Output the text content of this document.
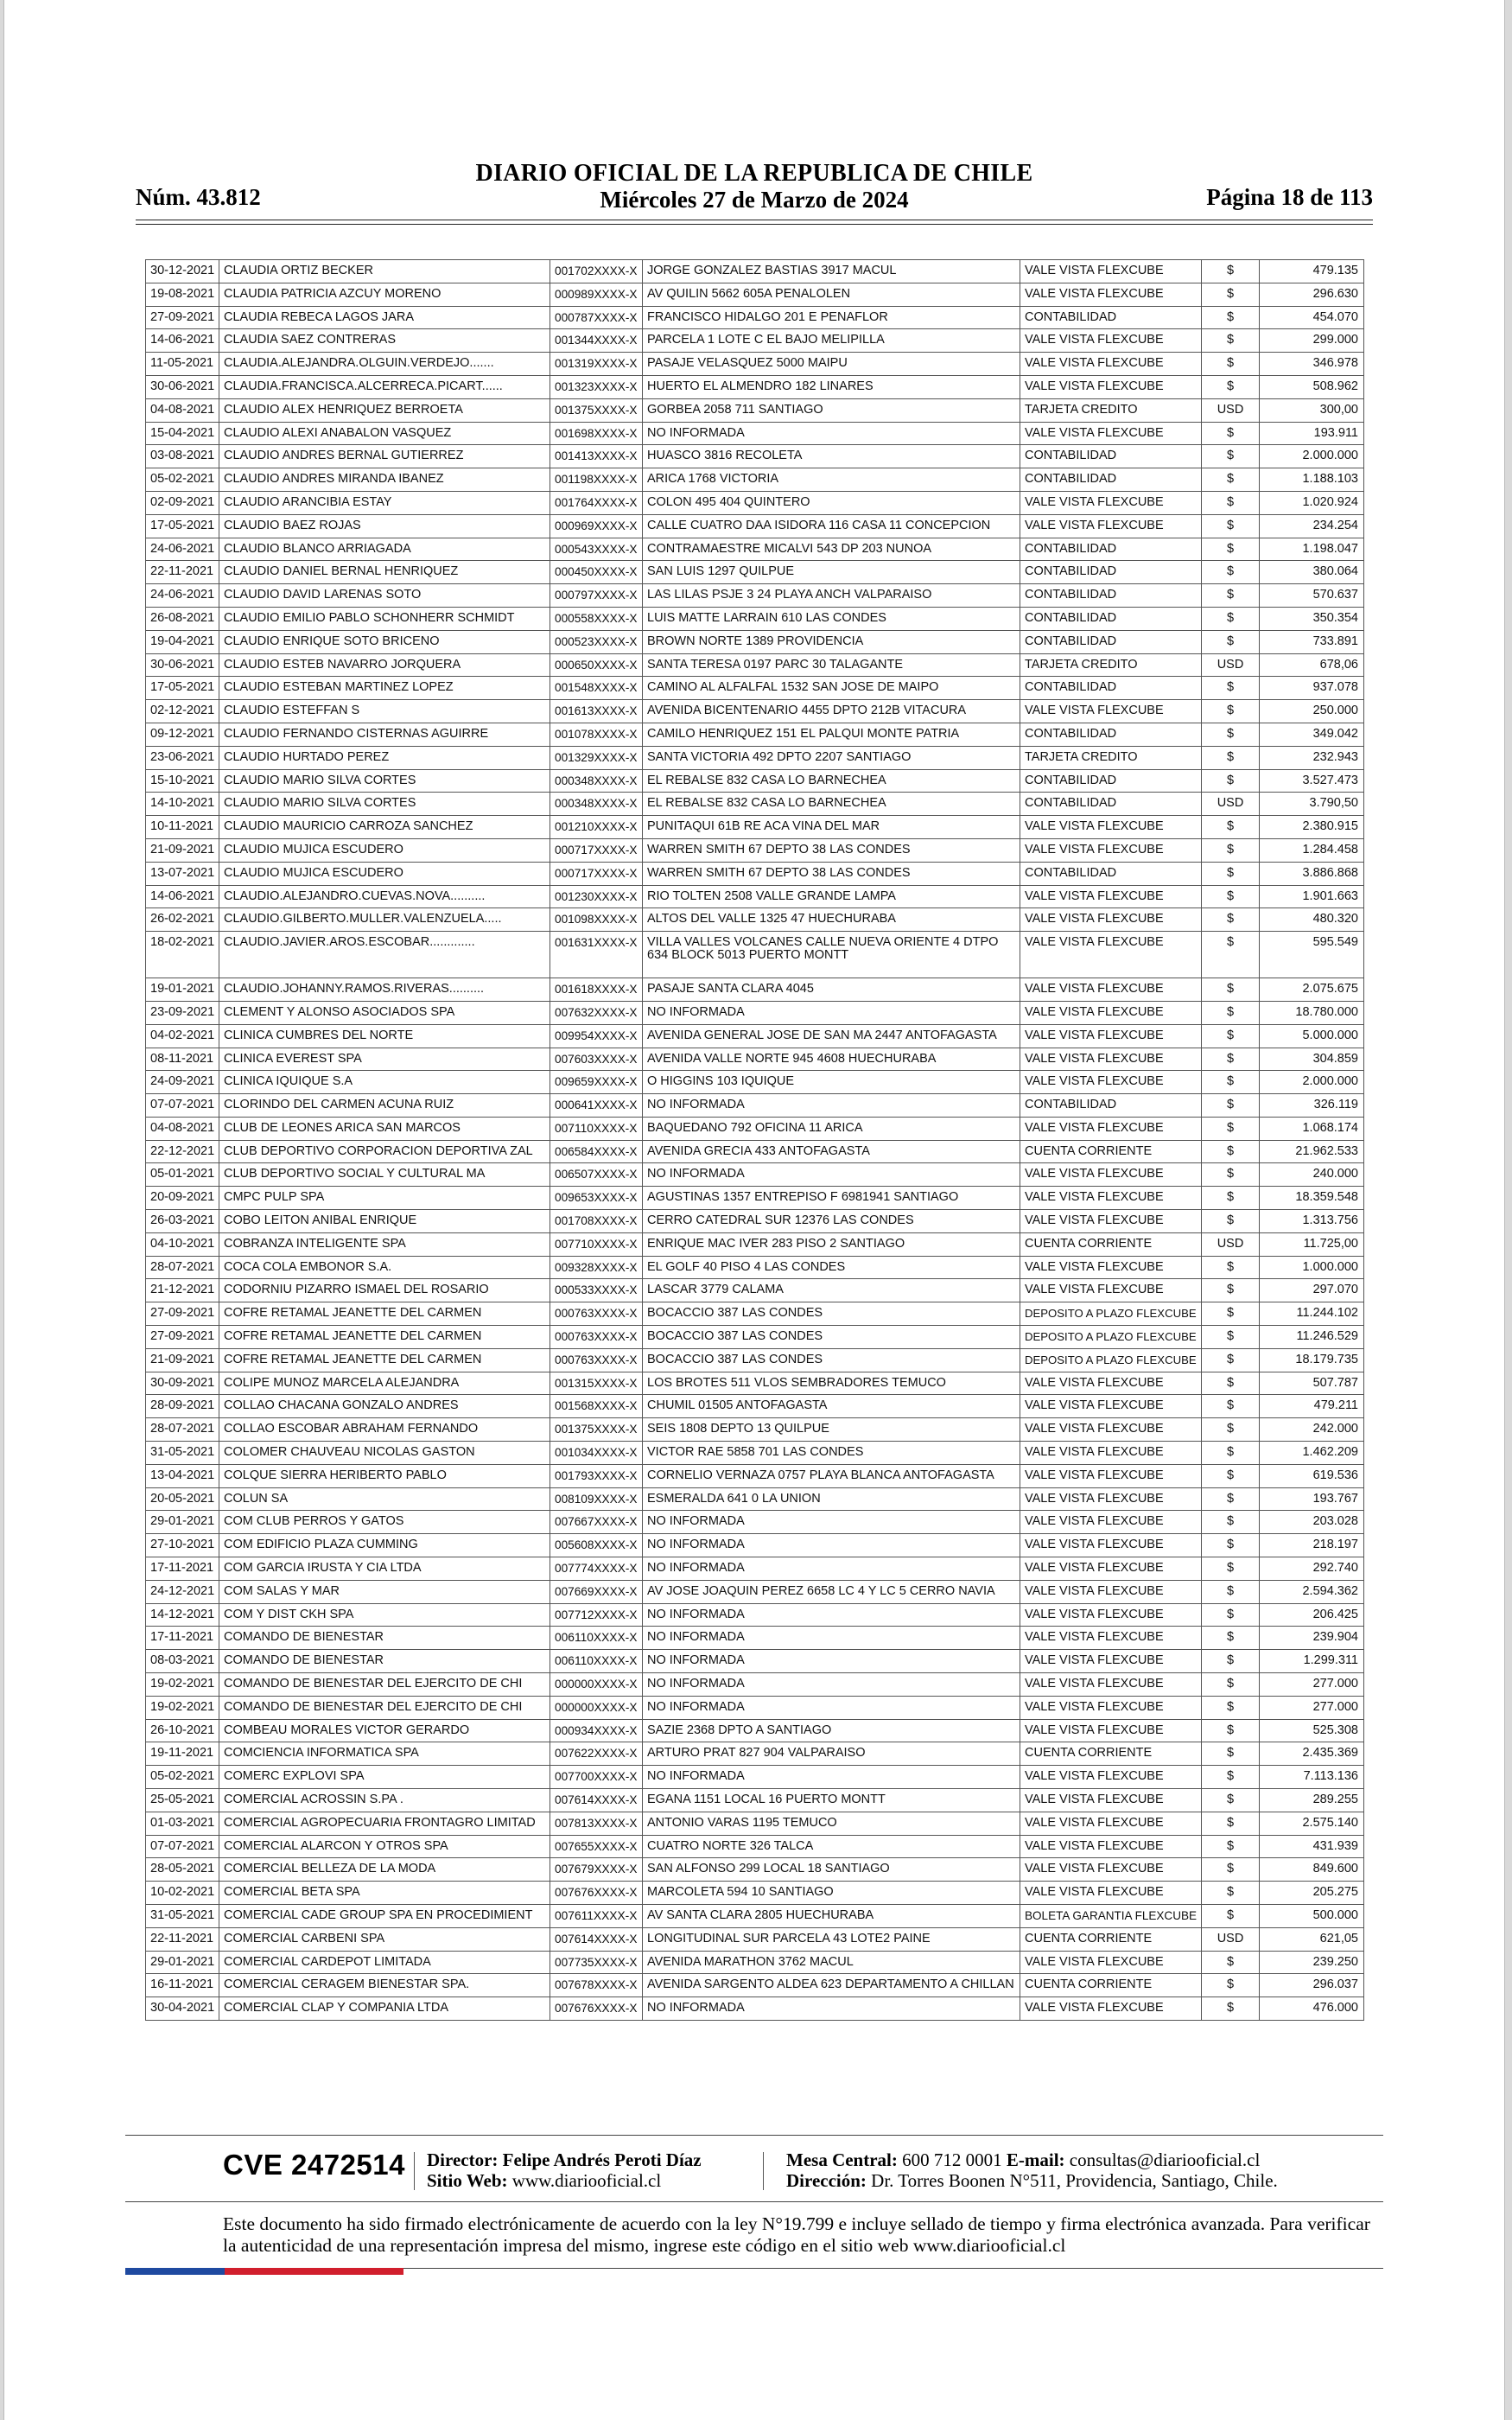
Núm. 43.812
DIARIO OFICIAL DE LA REPUBLICA DE CHILE
Miércoles 27 de Marzo de 2024	Página 18 de 113
30-12-2021	CLAUDIA ORTIZ BECKER	001702XXXX-X	JORGE GONZALEZ BASTIAS 3917 MACUL	VALE VISTA FLEXCUBE	$	479.135
19-08-2021	CLAUDIA PATRICIA AZCUY MORENO	000989XXXX-X	AV QUILIN 5662 605A PENALOLEN	VALE VISTA FLEXCUBE	$	296.630
27-09-2021	CLAUDIA REBECA LAGOS JARA	000787XXXX-X	FRANCISCO HIDALGO 201 E PENAFLOR	CONTABILIDAD	$	454.070
14-06-2021	CLAUDIA SAEZ CONTRERAS	001344XXXX-X	PARCELA 1 LOTE C EL BAJO MELIPILLA	VALE VISTA FLEXCUBE	$	299.000
11-05-2021	CLAUDIA.ALEJANDRA.OLGUIN.VERDEJO.......	001319XXXX-X	PASAJE VELASQUEZ 5000 MAIPU	VALE VISTA FLEXCUBE	$	346.978
30-06-2021	CLAUDIA.FRANCISCA.ALCERRECA.PICART......	001323XXXX-X	HUERTO EL ALMENDRO 182 LINARES	VALE VISTA FLEXCUBE	$	508.962
04-08-2021	CLAUDIO ALEX HENRIQUEZ BERROETA	001375XXXX-X	GORBEA 2058 711 SANTIAGO	TARJETA CREDITO	USD	300,00
15-04-2021	CLAUDIO ALEXI ANABALON VASQUEZ	001698XXXX-X	NO INFORMADA	VALE VISTA FLEXCUBE	$	193.911
03-08-2021	CLAUDIO ANDRES BERNAL GUTIERREZ	001413XXXX-X	HUASCO 3816 RECOLETA	CONTABILIDAD	$	2.000.000
05-02-2021	CLAUDIO ANDRES MIRANDA IBANEZ	001198XXXX-X	ARICA 1768 VICTORIA	CONTABILIDAD	$	1.188.103
02-09-2021	CLAUDIO ARANCIBIA ESTAY	001764XXXX-X	COLON 495 404 QUINTERO	VALE VISTA FLEXCUBE	$	1.020.924
17-05-2021	CLAUDIO BAEZ ROJAS	000969XXXX-X	CALLE CUATRO DAA ISIDORA 116 CASA 11 CONCEPCION	VALE VISTA FLEXCUBE	$	234.254
24-06-2021	CLAUDIO BLANCO ARRIAGADA	000543XXXX-X	CONTRAMAESTRE MICALVI 543 DP 203 NUNOA	CONTABILIDAD	$	1.198.047
22-11-2021	CLAUDIO DANIEL BERNAL HENRIQUEZ	000450XXXX-X	SAN LUIS 1297 QUILPUE	CONTABILIDAD	$	380.064
24-06-2021	CLAUDIO DAVID LARENAS SOTO	000797XXXX-X	LAS LILAS PSJE 3 24 PLAYA ANCH VALPARAISO	CONTABILIDAD	$	570.637
26-08-2021	CLAUDIO EMILIO PABLO SCHONHERR SCHMIDT	000558XXXX-X	LUIS MATTE LARRAIN 610 LAS CONDES	CONTABILIDAD	$	350.354
19-04-2021	CLAUDIO ENRIQUE SOTO BRICENO	000523XXXX-X	BROWN NORTE 1389 PROVIDENCIA	CONTABILIDAD	$	733.891
30-06-2021	CLAUDIO ESTEB NAVARRO JORQUERA	000650XXXX-X	SANTA TERESA 0197 PARC 30 TALAGANTE	TARJETA CREDITO	USD	678,06
17-05-2021	CLAUDIO ESTEBAN MARTINEZ LOPEZ	001548XXXX-X	CAMINO AL ALFALFAL 1532 SAN JOSE DE MAIPO	CONTABILIDAD	$	937.078
02-12-2021	CLAUDIO ESTEFFAN S	001613XXXX-X	AVENIDA BICENTENARIO 4455 DPTO 212B VITACURA	VALE VISTA FLEXCUBE	$	250.000
09-12-2021	CLAUDIO FERNANDO CISTERNAS AGUIRRE	001078XXXX-X	CAMILO HENRIQUEZ 151 EL PALQUI MONTE PATRIA	CONTABILIDAD	$	349.042
23-06-2021	CLAUDIO HURTADO PEREZ	001329XXXX-X	SANTA VICTORIA 492 DPTO 2207 SANTIAGO	TARJETA CREDITO	$	232.943
15-10-2021	CLAUDIO MARIO SILVA CORTES	000348XXXX-X	EL REBALSE 832 CASA LO BARNECHEA	CONTABILIDAD	$	3.527.473
14-10-2021	CLAUDIO MARIO SILVA CORTES	000348XXXX-X	EL REBALSE 832 CASA LO BARNECHEA	CONTABILIDAD	USD	3.790,50
10-11-2021	CLAUDIO MAURICIO CARROZA SANCHEZ	001210XXXX-X	PUNITAQUI 61B RE ACA VINA DEL MAR	VALE VISTA FLEXCUBE	$	2.380.915
21-09-2021	CLAUDIO MUJICA ESCUDERO	000717XXXX-X	WARREN SMITH 67 DEPTO 38 LAS CONDES	VALE VISTA FLEXCUBE	$	1.284.458
13-07-2021	CLAUDIO MUJICA ESCUDERO	000717XXXX-X	WARREN SMITH 67 DEPTO 38 LAS CONDES	CONTABILIDAD	$	3.886.868
14-06-2021	CLAUDIO.ALEJANDRO.CUEVAS.NOVA..........	001230XXXX-X	RIO TOLTEN 2508 VALLE GRANDE LAMPA	VALE VISTA FLEXCUBE	$	1.901.663
26-02-2021	CLAUDIO.GILBERTO.MULLER.VALENZUELA.....	001098XXXX-X	ALTOS DEL VALLE 1325 47 HUECHURABA	VALE VISTA FLEXCUBE	$	480.320
18-02-2021	CLAUDIO.JAVIER.AROS.ESCOBAR.............	001631XXXX-X	VILLA VALLES VOLCANES CALLE NUEVA ORIENTE 4 DTPO 634 BLOCK 5013 PUERTO MONTT	VALE VISTA FLEXCUBE	$	595.549
19-01-2021	CLAUDIO.JOHANNY.RAMOS.RIVERAS..........	001618XXXX-X	PASAJE SANTA CLARA 4045	VALE VISTA FLEXCUBE	$	2.075.675
23-09-2021	CLEMENT Y ALONSO ASOCIADOS SPA	007632XXXX-X	NO INFORMADA	VALE VISTA FLEXCUBE	$	18.780.000
04-02-2021	CLINICA CUMBRES DEL NORTE	009954XXXX-X	AVENIDA GENERAL JOSE DE SAN MA 2447 ANTOFAGASTA	VALE VISTA FLEXCUBE	$	5.000.000
08-11-2021	CLINICA EVEREST SPA	007603XXXX-X	AVENIDA VALLE NORTE 945 4608 HUECHURABA	VALE VISTA FLEXCUBE	$	304.859
24-09-2021	CLINICA IQUIQUE S.A	009659XXXX-X	O HIGGINS 103 IQUIQUE	VALE VISTA FLEXCUBE	$	2.000.000
07-07-2021	CLORINDO DEL CARMEN ACUNA RUIZ	000641XXXX-X	NO INFORMADA	CONTABILIDAD	$	326.119
04-08-2021	CLUB DE LEONES ARICA SAN MARCOS	007110XXXX-X	BAQUEDANO 792 OFICINA 11 ARICA	VALE VISTA FLEXCUBE	$	1.068.174
22-12-2021	CLUB DEPORTIVO CORPORACION DEPORTIVA ZAL	006584XXXX-X	AVENIDA GRECIA 433 ANTOFAGASTA	CUENTA CORRIENTE	$	21.962.533
05-01-2021	CLUB DEPORTIVO SOCIAL Y CULTURAL MA	006507XXXX-X	NO INFORMADA	VALE VISTA FLEXCUBE	$	240.000
20-09-2021	CMPC PULP SPA	009653XXXX-X	AGUSTINAS 1357 ENTREPISO F 6981941 SANTIAGO	VALE VISTA FLEXCUBE	$	18.359.548
26-03-2021	COBO LEITON ANIBAL ENRIQUE	001708XXXX-X	CERRO CATEDRAL SUR 12376 LAS CONDES	VALE VISTA FLEXCUBE	$	1.313.756
04-10-2021	COBRANZA INTELIGENTE SPA	007710XXXX-X	ENRIQUE MAC IVER 283 PISO 2 SANTIAGO	CUENTA CORRIENTE	USD	11.725,00
28-07-2021	COCA COLA EMBONOR S.A.	009328XXXX-X	EL GOLF 40 PISO 4 LAS CONDES	VALE VISTA FLEXCUBE	$	1.000.000
21-12-2021	CODORNIU PIZARRO ISMAEL DEL ROSARIO	000533XXXX-X	LASCAR 3779 CALAMA	VALE VISTA FLEXCUBE	$	297.070
27-09-2021	COFRE RETAMAL JEANETTE DEL CARMEN	000763XXXX-X	BOCACCIO 387 LAS CONDES	DEPOSITO A PLAZO FLEXCUBE	$	11.244.102
27-09-2021	COFRE RETAMAL JEANETTE DEL CARMEN	000763XXXX-X	BOCACCIO 387 LAS CONDES	DEPOSITO A PLAZO FLEXCUBE	$	11.246.529
21-09-2021	COFRE RETAMAL JEANETTE DEL CARMEN	000763XXXX-X	BOCACCIO 387 LAS CONDES	DEPOSITO A PLAZO FLEXCUBE	$	18.179.735
30-09-2021	COLIPE MUNOZ MARCELA ALEJANDRA	001315XXXX-X	LOS BROTES 511 VLOS SEMBRADORES TEMUCO	VALE VISTA FLEXCUBE	$	507.787
28-09-2021	COLLAO CHACANA GONZALO ANDRES	001568XXXX-X	CHUMIL 01505 ANTOFAGASTA	VALE VISTA FLEXCUBE	$	479.211
28-07-2021	COLLAO ESCOBAR ABRAHAM FERNANDO	001375XXXX-X	SEIS 1808 DEPTO 13 QUILPUE	VALE VISTA FLEXCUBE	$	242.000
31-05-2021	COLOMER CHAUVEAU NICOLAS GASTON	001034XXXX-X	VICTOR RAE 5858 701 LAS CONDES	VALE VISTA FLEXCUBE	$	1.462.209
13-04-2021	COLQUE SIERRA HERIBERTO PABLO	001793XXXX-X	CORNELIO VERNAZA 0757 PLAYA BLANCA ANTOFAGASTA	VALE VISTA FLEXCUBE	$	619.536
20-05-2021	COLUN SA	008109XXXX-X	ESMERALDA 641 0 LA UNION	VALE VISTA FLEXCUBE	$	193.767
29-01-2021	COM CLUB PERROS Y GATOS	007667XXXX-X	NO INFORMADA	VALE VISTA FLEXCUBE	$	203.028
27-10-2021	COM EDIFICIO PLAZA CUMMING	005608XXXX-X	NO INFORMADA	VALE VISTA FLEXCUBE	$	218.197
17-11-2021	COM GARCIA IRUSTA Y CIA LTDA	007774XXXX-X	NO INFORMADA	VALE VISTA FLEXCUBE	$	292.740
24-12-2021	COM SALAS Y MAR	007669XXXX-X	AV JOSE JOAQUIN PEREZ 6658 LC 4 Y LC 5 CERRO NAVIA	VALE VISTA FLEXCUBE	$	2.594.362
14-12-2021	COM Y DIST CKH SPA	007712XXXX-X	NO INFORMADA	VALE VISTA FLEXCUBE	$	206.425
17-11-2021	COMANDO DE BIENESTAR	006110XXXX-X	NO INFORMADA	VALE VISTA FLEXCUBE	$	239.904
08-03-2021	COMANDO DE BIENESTAR	006110XXXX-X	NO INFORMADA	VALE VISTA FLEXCUBE	$	1.299.311
19-02-2021	COMANDO DE BIENESTAR DEL EJERCITO DE CHI	000000XXXX-X	NO INFORMADA	VALE VISTA FLEXCUBE	$	277.000
19-02-2021	COMANDO DE BIENESTAR DEL EJERCITO DE CHI	000000XXXX-X	NO INFORMADA	VALE VISTA FLEXCUBE	$	277.000
26-10-2021	COMBEAU MORALES VICTOR GERARDO	000934XXXX-X	SAZIE 2368 DPTO A SANTIAGO	VALE VISTA FLEXCUBE	$	525.308
19-11-2021	COMCIENCIA INFORMATICA SPA	007622XXXX-X	ARTURO PRAT 827 904 VALPARAISO	CUENTA CORRIENTE	$	2.435.369
05-02-2021	COMERC EXPLOVI SPA	007700XXXX-X	NO INFORMADA	VALE VISTA FLEXCUBE	$	7.113.136
25-05-2021	COMERCIAL ACROSSIN S.PA .	007614XXXX-X	EGANA 1151 LOCAL 16 PUERTO MONTT	VALE VISTA FLEXCUBE	$	289.255
01-03-2021	COMERCIAL AGROPECUARIA FRONTAGRO LIMITAD	007813XXXX-X	ANTONIO VARAS 1195 TEMUCO	VALE VISTA FLEXCUBE	$	2.575.140
07-07-2021	COMERCIAL ALARCON Y OTROS SPA	007655XXXX-X	CUATRO NORTE 326 TALCA	VALE VISTA FLEXCUBE	$	431.939
28-05-2021	COMERCIAL BELLEZA DE LA MODA	007679XXXX-X	SAN ALFONSO 299 LOCAL 18 SANTIAGO	VALE VISTA FLEXCUBE	$	849.600
10-02-2021	COMERCIAL BETA SPA	007676XXXX-X	MARCOLETA 594 10 SANTIAGO	VALE VISTA FLEXCUBE	$	205.275
31-05-2021	COMERCIAL CADE GROUP SPA EN PROCEDIMIENT	007611XXXX-X	AV SANTA CLARA 2805 HUECHURABA	BOLETA GARANTIA FLEXCUBE	$	500.000
22-11-2021	COMERCIAL CARBENI SPA	007614XXXX-X	LONGITUDINAL SUR PARCELA 43 LOTE2 PAINE	CUENTA CORRIENTE	USD	621,05
29-01-2021	COMERCIAL CARDEPOT LIMITADA	007735XXXX-X	AVENIDA MARATHON 3762 MACUL	VALE VISTA FLEXCUBE	$	239.250
16-11-2021	COMERCIAL CERAGEM BIENESTAR SPA.	007678XXXX-X	AVENIDA SARGENTO ALDEA 623 DEPARTAMENTO A CHILLAN	CUENTA CORRIENTE	$	296.037
30-04-2021	COMERCIAL CLAP Y COMPANIA LTDA	007676XXXX-X	NO INFORMADA	VALE VISTA FLEXCUBE	$	476.000
CVE 2472514 Director: Felipe Andrés Peroti Díaz
Sitio Web: www.diariooficial.cl
Mesa Central: 600 712 0001 E-mail: consultas@diariooficial.cl
Dirección: Dr. Torres Boonen N°511, Providencia, Santiago, Chile.
Este documento ha sido firmado electrónicamente de acuerdo con la ley N°19.799 e incluye sellado de tiempo y firma electrónica avanzada. Para verificar la autenticidad de una representación impresa del mismo, ingrese este código en el sitio web www.diariooficial.cl
